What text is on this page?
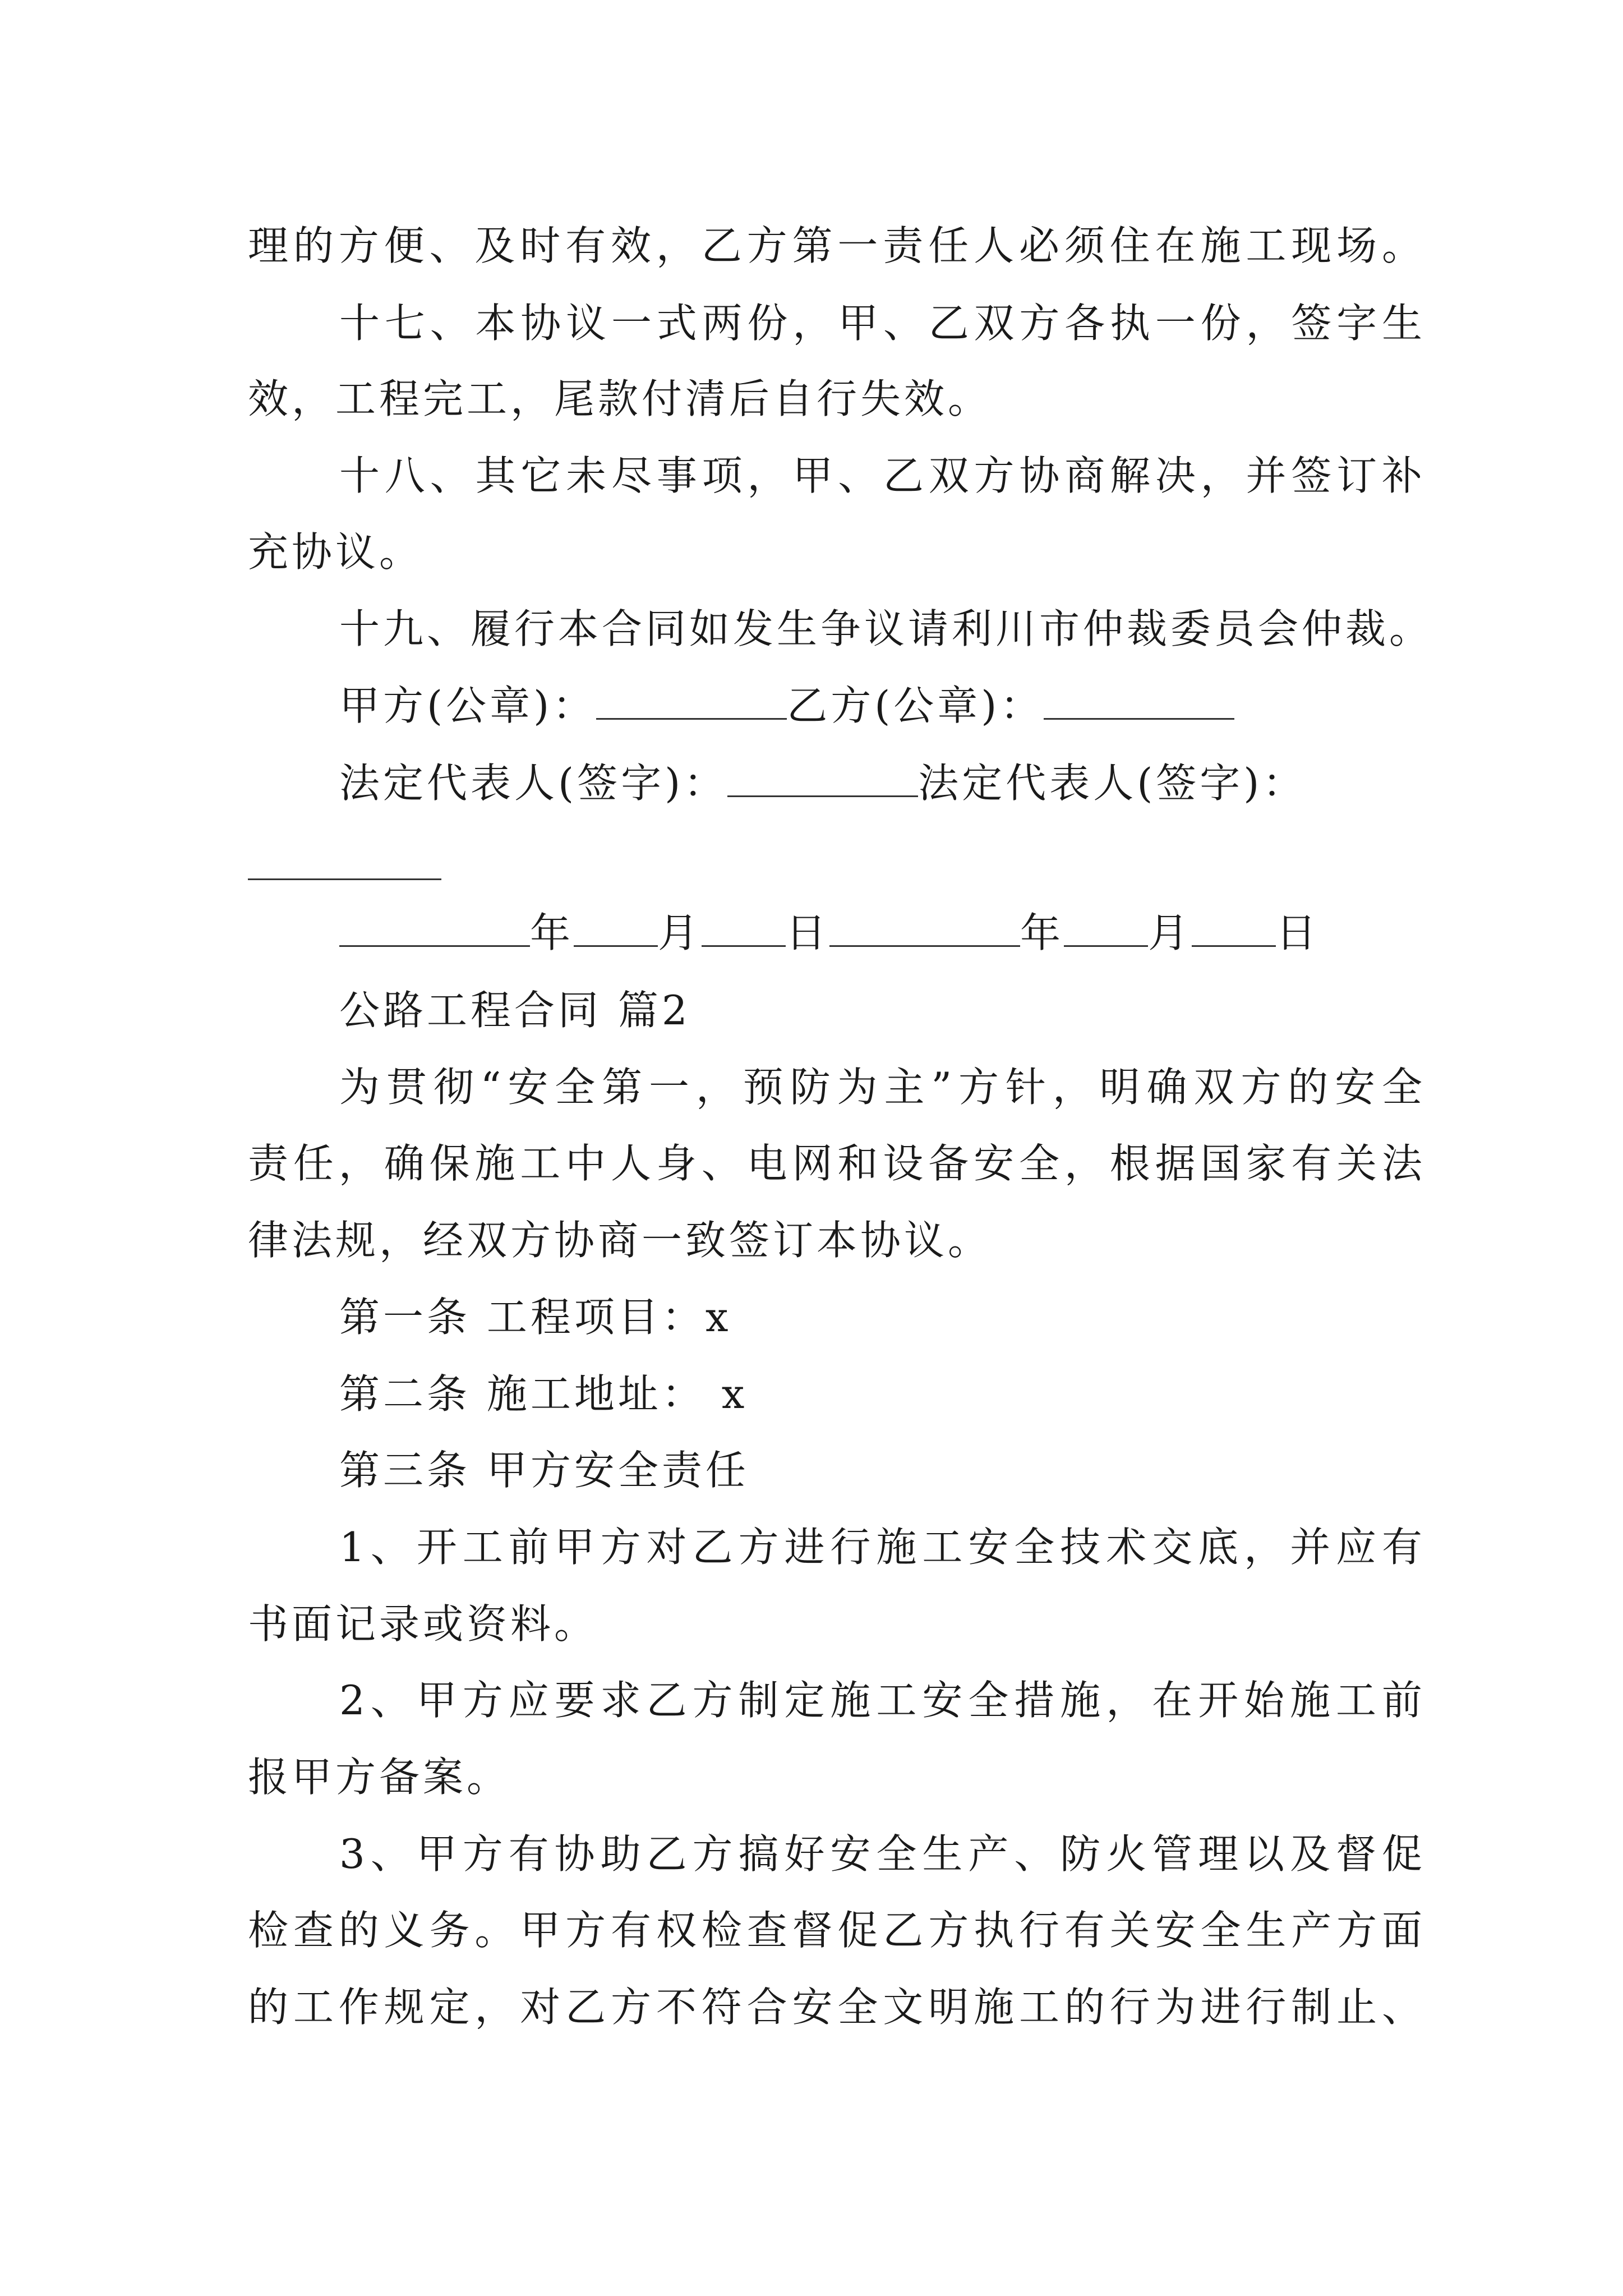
理的方便、及时有效，乙方第一责任人必须住在施工现场。
十七、本协议一式两份，甲、乙双方各执一份，签字生
效，工程完工，尾款付清后自行失效。
十八、其它未尽事项，甲、乙双方协商解决，并签订补
充协议。
十九、履行本合同如发生争议请利川市仲裁委员会仲裁。
甲方(公章)：	乙方(公章)：
法定代表人(签字)：	法定代表人(签字)：
年 月 日	年 月 日
公路工程合同 篇2
为贯彻“安全第一，预防为主”方针，明确双方的安全
责任，确保施工中人身、电网和设备安全，根据国家有关法
律法规，经双方协商一致签订本协议。
第一条 工程项目：x
第二条 施工地址： x
第三条 甲方安全责任
1、开工前甲方对乙方进行施工安全技术交底，并应有
书面记录或资料。
2、甲方应要求乙方制定施工安全措施，在开始施工前
报甲方备案。
3、甲方有协助乙方搞好安全生产、防火管理以及督促
检查的义务。甲方有权检查督促乙方执行有关安全生产方面
的工作规定，对乙方不符合安全文明施工的行为进行制止、
